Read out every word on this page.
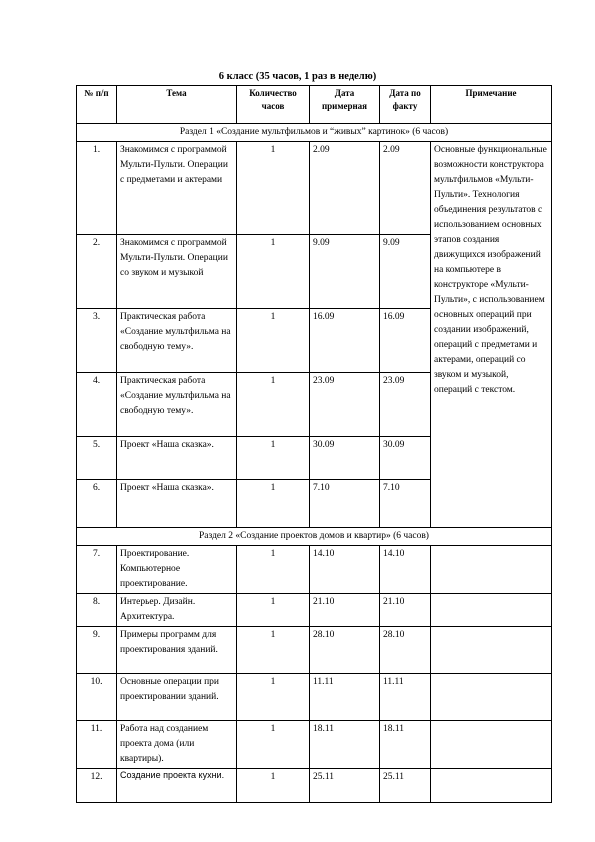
6 класс (35 часов, 1 раз в неделю)
№ п/п	Тема	Количество часов	Дата примерная	Дата по факту	Примечание
Раздел 1 «Создание мультфильмов и “живых” картинок» (6 часов)					
1.	Знакомимся с программой Мульти-Пульти. Операции с предметами и актерами	1	2.09	2.09	Основные функциональные возможности конструктора мультфильмов «Мульти-Пульти». Технология объединения результатов с использованием основных этапов создания движущихся изображений на компьютере в конструкторе «Мульти- Пульти», с использованием основных операций при создании изображений, операций с предметами и актерами, операций со звуком и музыкой, операций с текстом.
2.	Знакомимся с программой Мульти-Пульти. Операции со звуком и музыкой	1	9.09	9.09	
3.	Практическая работа «Создание мультфильма на свободную тему».	1	16.09	16.09	
4.	Практическая работа «Создание мультфильма на свободную тему».	1	23.09	23.09	
5.	Проект «Наша сказка».	1	30.09	30.09	
6.	Проект «Наша сказка».	1	7.10	7.10	
Раздел 2 «Создание проектов домов и квартир» (6 часов)					
7.	Проектирование. Компьютерное проектирование.	1	14.10	14.10	
8.	Интерьер. Дизайн. Архитектура.	1	21.10	21.10	
9.	Примеры программ для проектирования зданий.	1	28.10	28.10	
10.	Основные операции при проектировании зданий.	1	11.11	11.11	
11.	Работа над созданием проекта дома (или квартиры).	1	18.11	18.11	
12.	Создание проекта кухни.	1	25.11	25.11	
